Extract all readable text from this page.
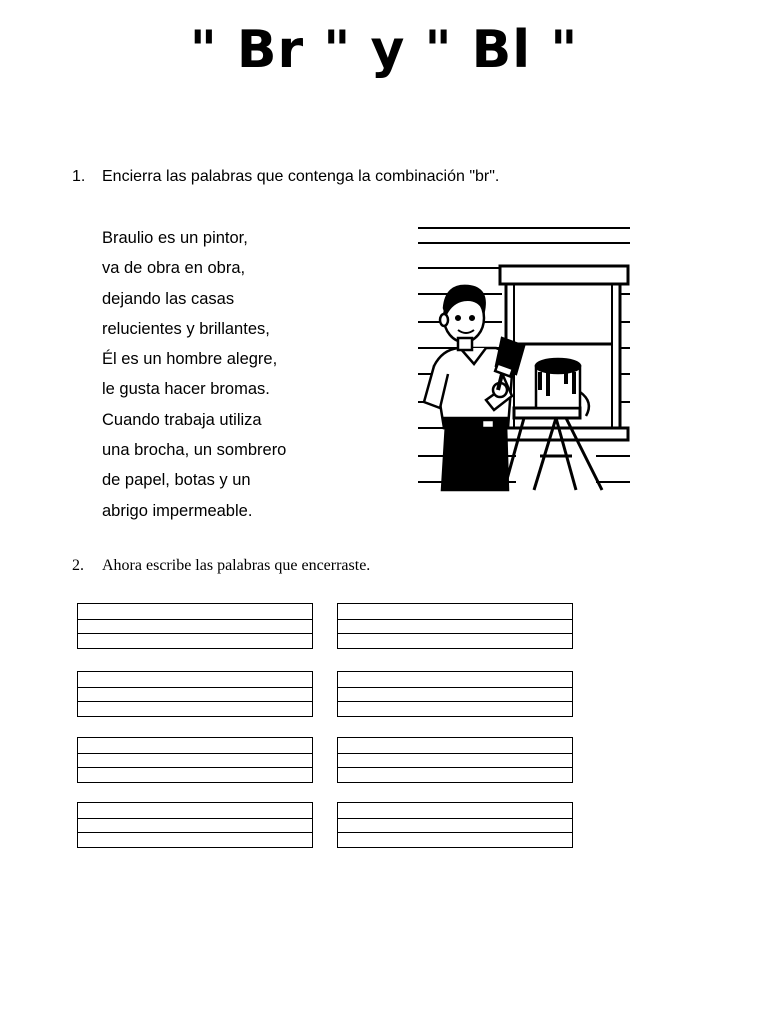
" Br " y " Bl "
1. Encierra las palabras que contenga la combinación "br".
Braulio es un pintor,
va de obra en obra,
dejando las casas
relucientes y brillantes,
Él es un hombre alegre,
le gusta hacer bromas.
Cuando trabaja utiliza
una brocha, un sombrero
de papel, botas y un
abrigo impermeable.
2. Ahora escribe las palabras que encerraste.
